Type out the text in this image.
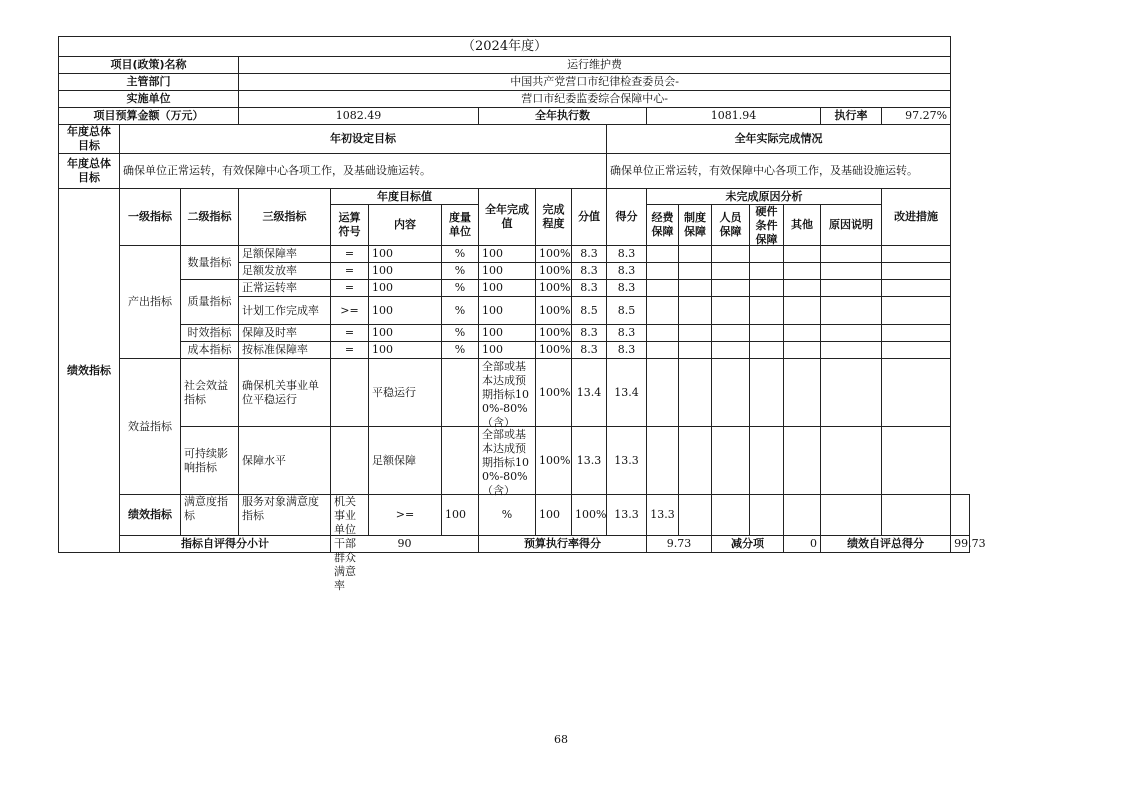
（2024年度）																		
项目(政策)名称			运行维护费															
主管部门			中国共产党营口市纪律检查委员会-															
实施单位			营口市纪委监委综合保障中心-															
项目预算金额（万元）			1082.49				全年执行数				1081.94					执行率	97.27%	
年度总体目标	年初设定目标									全年实际完成情况								
年度总体目标	确保单位正常运转，有效保障中心各项工作，及基础设施运转。									确保单位正常运转，有效保障中心各项工作，及基础设施运转。								
绩效指标	一级指标	二级指标	三级指标	年度目标值			全年完成值	完成程度	分值	得分	未完成原因分析						改进措施	
				运算符号	内容	度量单位					经费保障	制度保障	人员保障	硬件条件保障	其他	原因说明		
	产出指标	数量指标	足额保障率	=	100	%	100	100%	8.3	8.3								
			足额发放率	=	100	%	100	100%	8.3	8.3								
		质量指标	正常运转率	=	100	%	100	100%	8.3	8.3								
			计划工作完成率	>=	100	%	100	100%	8.5	8.5								
		时效指标	保障及时率	=	100	%	100	100%	8.3	8.3								
		成本指标	按标准保障率	=	100	%	100	100%	8.3	8.3								
	效益指标	社会效益指标	确保机关事业单位平稳运行		平稳运行		全部或基本达成预期指标100%-80%（含）	100%	13.4	13.4								
		可持续影响指标	保障水平		足额保障		全部或基本达成预期指标100%-80%（含）	100%	13.3	13.3								
	绩效指标	满意度指标	服务对象满意度指标	机关事业单位干部群众满意率	>=	100	%	100	100%	13.3	13.3							
	指标自评得分小计			90			预算执行率得分				9.73		减分项		0	绩效自评总得分		99.73
68
